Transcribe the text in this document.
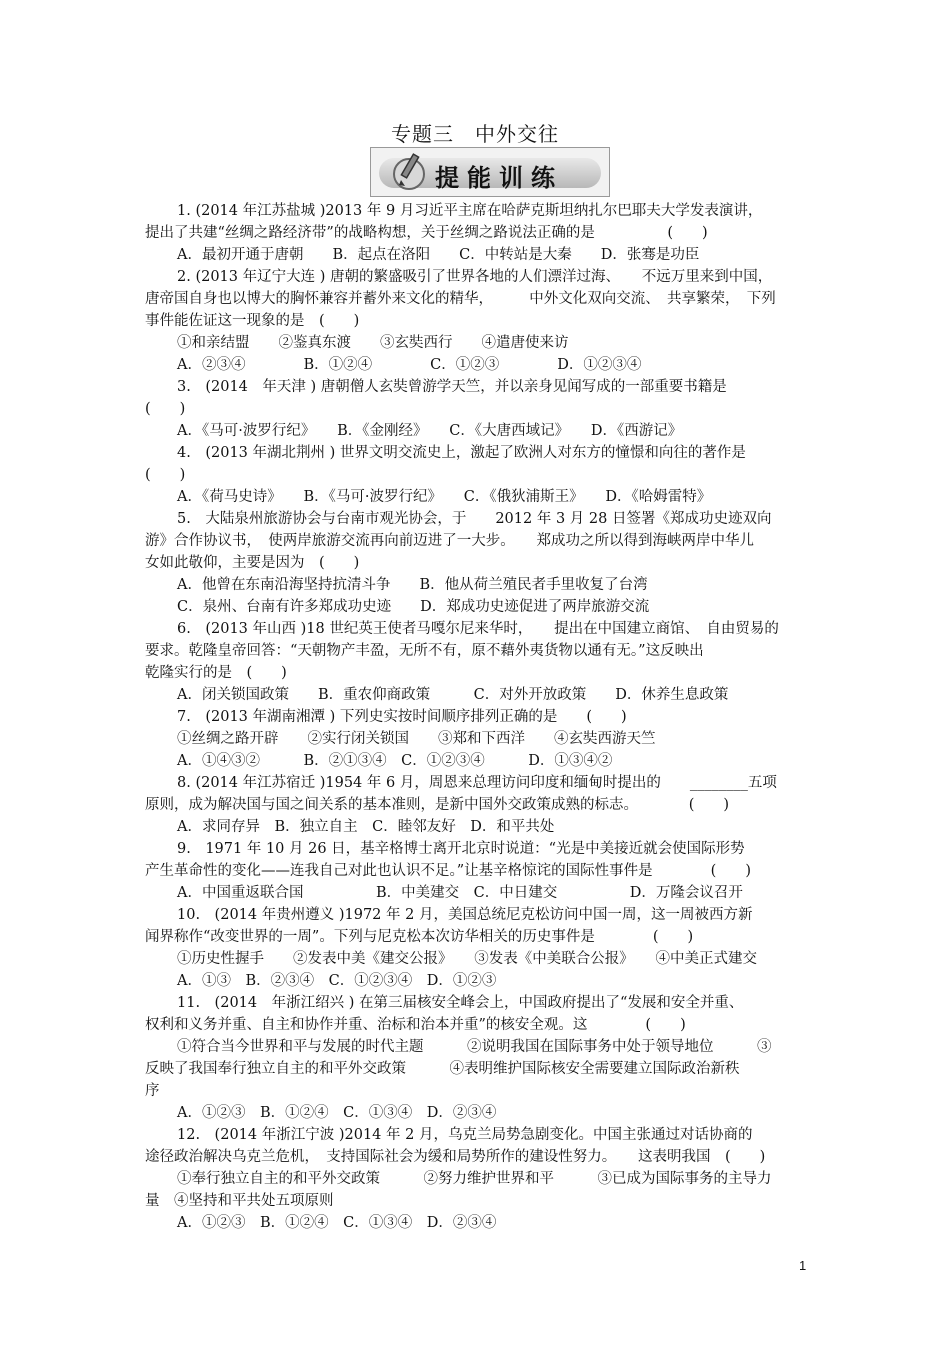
专题三　中外交往
提能训练
1. (2014 年江苏盐城 )2013 年 9 月习近平主席在哈萨克斯坦纳扎尔巴耶夫大学发表演讲，
提出了共建“丝绸之路经济带”的战略构想，关于丝绸之路说法正确的是　　　　　(　　)
A．最初开通于唐朝　　B．起点在洛阳　　C．中转站是大秦　　D．张骞是功臣
2. (2013 年辽宁大连 ) 唐朝的繁盛吸引了世界各地的人们漂洋过海、　　不远万里来到中国，
唐帝国自身也以博大的胸怀兼容并蓄外来文化的精华，　　　中外文化双向交流、　共享繁荣，　下列
事件能佐证这一现象的是　(　　)
①和亲结盟　　②鉴真东渡　　③玄奘西行　　④遣唐使来访
A．②③④　　　　B．①②④　　　　C．①②③　　　　D．①②③④
3.　(2014　年天津 ) 唐朝僧人玄奘曾游学天竺，并以亲身见闻写成的一部重要书籍是
(　　)
A．《马可·波罗行纪》　　B．《金刚经》　　C．《大唐西域记》　　D．《西游记》
4.　(2013 年湖北荆州 ) 世界文明交流史上，激起了欧洲人对东方的憧憬和向往的著作是
(　　)
A．《荷马史诗》　　B．《马可·波罗行纪》　　C．《俄狄浦斯王》　　D．《哈姆雷特》
5.　大陆泉州旅游协会与台南市观光协会，于　　2012 年 3 月 28 日签署《郑成功史迹双向
游》合作协议书，　使两岸旅游交流再向前迈进了一大步。　　郑成功之所以得到海峡两岸中华儿
女如此敬仰，主要是因为　(　　)
A．他曾在东南沿海坚持抗清斗争　　B．他从荷兰殖民者手里收复了台湾
C．泉州、台南有许多郑成功史迹　　D．郑成功史迹促进了两岸旅游交流
6.　(2013 年山西 )18 世纪英王使者马嘎尔尼来华时，　　提出在中国建立商馆、　自由贸易的
要求。乾隆皇帝回答：“天朝物产丰盈，无所不有，原不藉外夷货物以通有无。”这反映出
乾隆实行的是　(　　)
A．闭关锁国政策　　B．重农仰商政策　　　C．对外开放政策　　D．休养生息政策
7.　(2013 年湖南湘潭 ) 下列史实按时间顺序排列正确的是　　(　　)
①丝绸之路开辟　　②实行闭关锁国　　③郑和下西洋　　④玄奘西游天竺
A．①④③②　　　B．②①③④　C．①②③④　　　D．①③④②
8. (2014 年江苏宿迁 )1954 年 6 月，周恩来总理访问印度和缅甸时提出的　　________五项
原则，成为解决国与国之间关系的基本准则，是新中国外交政策成熟的标志。　　　　(　　)
A．求同存异　B．独立自主　C．睦邻友好　D．和平共处
9.　1971 年 10 月 26 日，基辛格博士离开北京时说道：“光是中美接近就会使国际形势
产生革命性的变化——连我自己对此也认识不足。”让基辛格惊诧的国际性事件是　　　　(　　)
A．中国重返联合国　　　　　B．中美建交　C．中日建交　　　　　D．万隆会议召开
10.　(2014 年贵州遵义 )1972 年 2 月，美国总统尼克松访问中国一周，这一周被西方新
闻界称作“改变世界的一周”。下列与尼克松本次访华相关的历史事件是　　　　(　　)
①历史性握手　　②发表中美《建交公报》　　③发表《中美联合公报》　　④中美正式建交
A．①③　B．②③④　C．①②③④　D．①②③
11.　(2014　年浙江绍兴 ) 在第三届核安全峰会上，中国政府提出了“发展和安全并重、
权利和义务并重、自主和协作并重、治标和治本并重”的核安全观。这　　　　(　　)
①符合当今世界和平与发展的时代主题　　　②说明我国在国际事务中处于领导地位　　　③
反映了我国奉行独立自主的和平外交政策　　　④表明维护国际核安全需要建立国际政治新秩
序
A．①②③　B．①②④　C．①③④　D．②③④
12.　(2014 年浙江宁波 )2014 年 2 月，乌克兰局势急剧变化。中国主张通过对话协商的
途径政治解决乌克兰危机，　支持国际社会为缓和局势所作的建设性努力。　　这表明我国　(　　)
①奉行独立自主的和平外交政策　　　②努力维护世界和平　　　③已成为国际事务的主导力
量　④坚持和平共处五项原则
A．①②③　B．①②④　C．①③④　D．②③④
1
